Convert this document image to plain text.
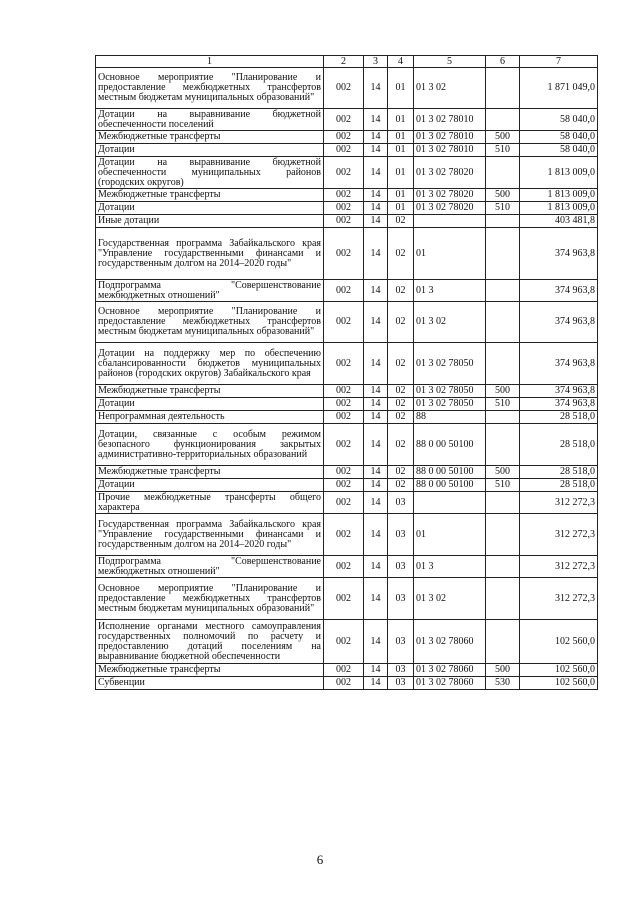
1	2	3	4	5	6	7
Основное мероприятие "Планирование и предоставление межбюджетных трансфертов местным бюджетам муниципальных образований"	002	14	01	01 3 02		1 871 049,0
Дотации на выравнивание бюджетной обеспеченности поселений	002	14	01	01 3 02 78010		58 040,0
Межбюджетные трансферты	002	14	01	01 3 02 78010	500	58 040,0
Дотации	002	14	01	01 3 02 78010	510	58 040,0
Дотации на выравнивание бюджетной обеспеченности муниципальных районов (городских округов)	002	14	01	01 3 02 78020		1 813 009,0
Межбюджетные трансферты	002	14	01	01 3 02 78020	500	1 813 009,0
Дотации	002	14	01	01 3 02 78020	510	1 813 009,0
Иные дотации	002	14	02			403 481,8
Государственная программа Забайкальского края "Управление государственными финансами и государственным долгом на 2014–2020 годы"	002	14	02	01		374 963,8
Подпрограмма "Совершенствование межбюджетных отношений"	002	14	02	01 3		374 963,8
Основное мероприятие "Планирование и предоставление межбюджетных трансфертов местным бюджетам муниципальных образований"	002	14	02	01 3 02		374 963,8
Дотации на поддержку мер по обеспечению сбалансированности бюджетов муниципальных районов (городских округов) Забайкальского края	002	14	02	01 3 02 78050		374 963,8
Межбюджетные трансферты	002	14	02	01 3 02 78050	500	374 963,8
Дотации	002	14	02	01 3 02 78050	510	374 963,8
Непрограммная деятельность	002	14	02	88		28 518,0
Дотации, связанные с особым режимом безопасного функционирования закрытых административно-территориальных образований	002	14	02	88 0 00 50100		28 518,0
Межбюджетные трансферты	002	14	02	88 0 00 50100	500	28 518,0
Дотации	002	14	02	88 0 00 50100	510	28 518,0
Прочие межбюджетные трансферты общего характера	002	14	03			312 272,3
Государственная программа Забайкальского края "Управление государственными финансами и государственным долгом на 2014–2020 годы"	002	14	03	01		312 272,3
Подпрограмма "Совершенствование межбюджетных отношений"	002	14	03	01 3		312 272,3
Основное мероприятие "Планирование и предоставление межбюджетных трансфертов местным бюджетам муниципальных образований"	002	14	03	01 3 02		312 272,3
Исполнение органами местного самоуправления государственных полномочий по расчету и предоставлению дотаций поселениям на выравнивание бюджетной обеспеченности	002	14	03	01 3 02 78060		102 560,0
Межбюджетные трансферты	002	14	03	01 3 02 78060	500	102 560,0
Субвенции	002	14	03	01 3 02 78060	530	102 560,0
6
